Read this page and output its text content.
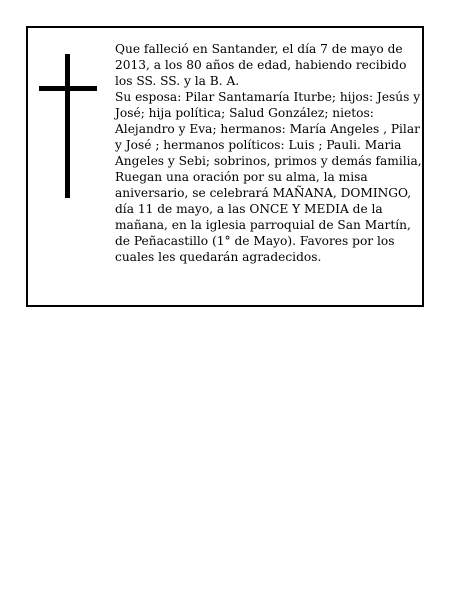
Que falleció en Santander, el día 7 de mayo de 2013, a los 80 años de edad, habiendo recibido los SS. SS. y la B. A.

Su esposa: Pilar Santamaría Iturbe; hijos: Jesús y José; hija política; Salud González; nietos: Alejandro y Eva; hermanos: María Angeles , Pilar y José ; hermanos políticos: Luis ; Pauli. Maria Angeles y Sebi; sobrinos, primos y demás familia,

Ruegan una oración por su alma, la misa aniversario, se celebrará MAÑANA, DOMINGO, día 11 de mayo, a las ONCE Y MEDIA de la mañana, en la iglesia parroquial de San Martín, de Peñacastillo (1° de Mayo). Favores por los cuales les quedarán agradecidos.
